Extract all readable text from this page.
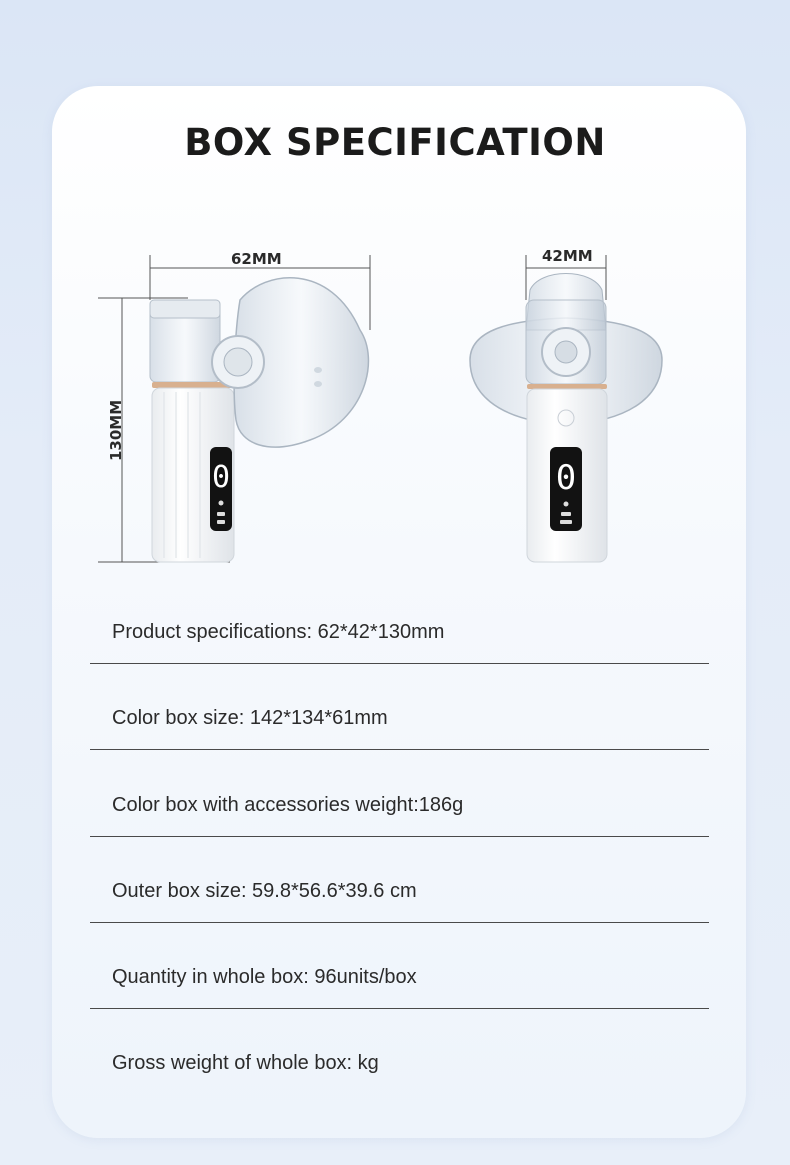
BOX SPECIFICATION
0	0
62MM	42MM
130MM
Product specifications: 62*42*130mm
Color box size: 142*134*61mm
Color box with accessories weight:186g
Outer box size: 59.8*56.6*39.6 cm
Quantity in whole box: 96units/box
Gross weight of whole box: kg
